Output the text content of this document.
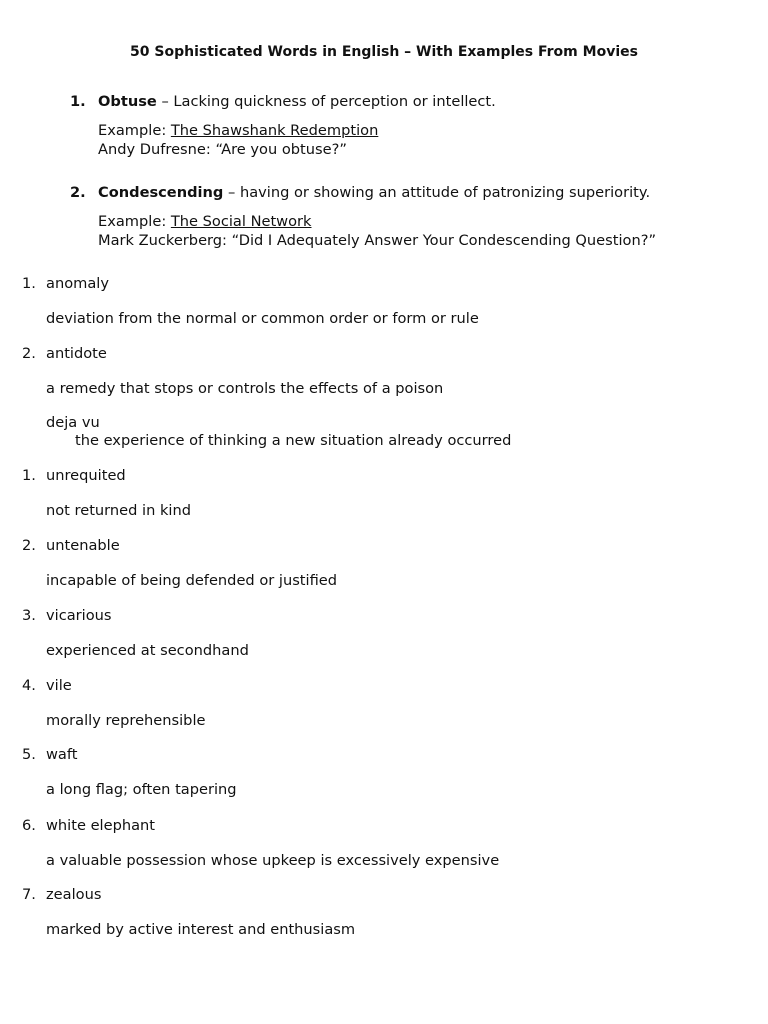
50 Sophisticated Words in English – With Examples From Movies
1. Obtuse – Lacking quickness of perception or intellect.
Example: The Shawshank Redemption
Andy Dufresne: “Are you obtuse?”
2. Condescending – having or showing an attitude of patronizing superiority.
Example: The Social Network
Mark Zuckerberg: “Did I Adequately Answer Your Condescending Question?”
1. anomaly
deviation from the normal or common order or form or rule
2. antidote
a remedy that stops or controls the effects of a poison
deja vu
the experience of thinking a new situation already occurred
1. unrequited
not returned in kind
2. untenable
incapable of being defended or justified
3. vicarious
experienced at secondhand
4. vile
morally reprehensible
5. waft
a long flag; often tapering
6. white elephant
a valuable possession whose upkeep is excessively expensive
7. zealous
marked by active interest and enthusiasm
